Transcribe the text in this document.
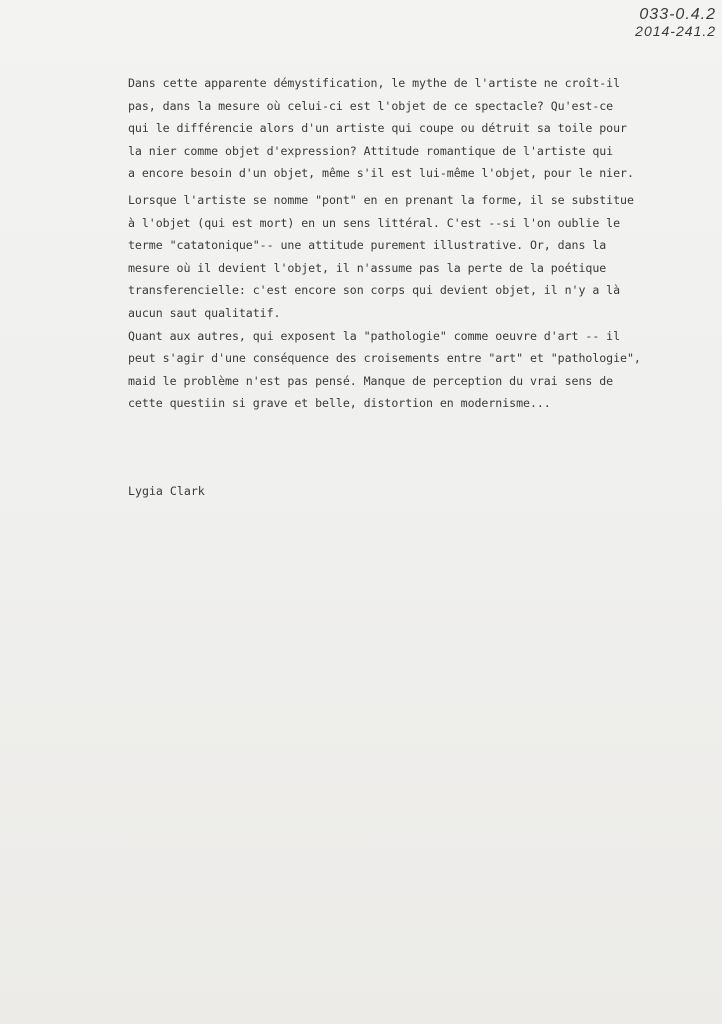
033-0.4.2
2014-241.2
Dans cette apparente démystification, le mythe de l'artiste ne croît-il
pas, dans la mesure où celui-ci est l'objet de ce spectacle? Qu'est-ce
qui le différencie alors d'un artiste qui coupe ou détruit sa toile pour
la nier comme objet d'expression? Attitude romantique de l'artiste qui
a encore besoin d'un objet, même s'il est lui-même l'objet, pour le nier.
Lorsque l'artiste se nomme "pont" en en prenant la forme, il se substitue
à l'objet (qui est mort) en un sens littéral. C'est --si l'on oublie le
terme "catatonique"-- une attitude purement illustrative. Or, dans la
mesure où il devient l'objet, il n'assume pas la perte de la poétique
transferencielle: c'est encore son corps qui devient objet, il n'y a là
aucun saut qualitatif.
Quant aux autres, qui exposent la "pathologie" comme oeuvre d'art -- il
peut s'agir d'une conséquence des croisements entre "art" et "pathologie",
maid le problème n'est pas pensé. Manque de perception du vrai sens de
cette questiin si grave et belle, distortion en modernisme...
Lygia Clark
